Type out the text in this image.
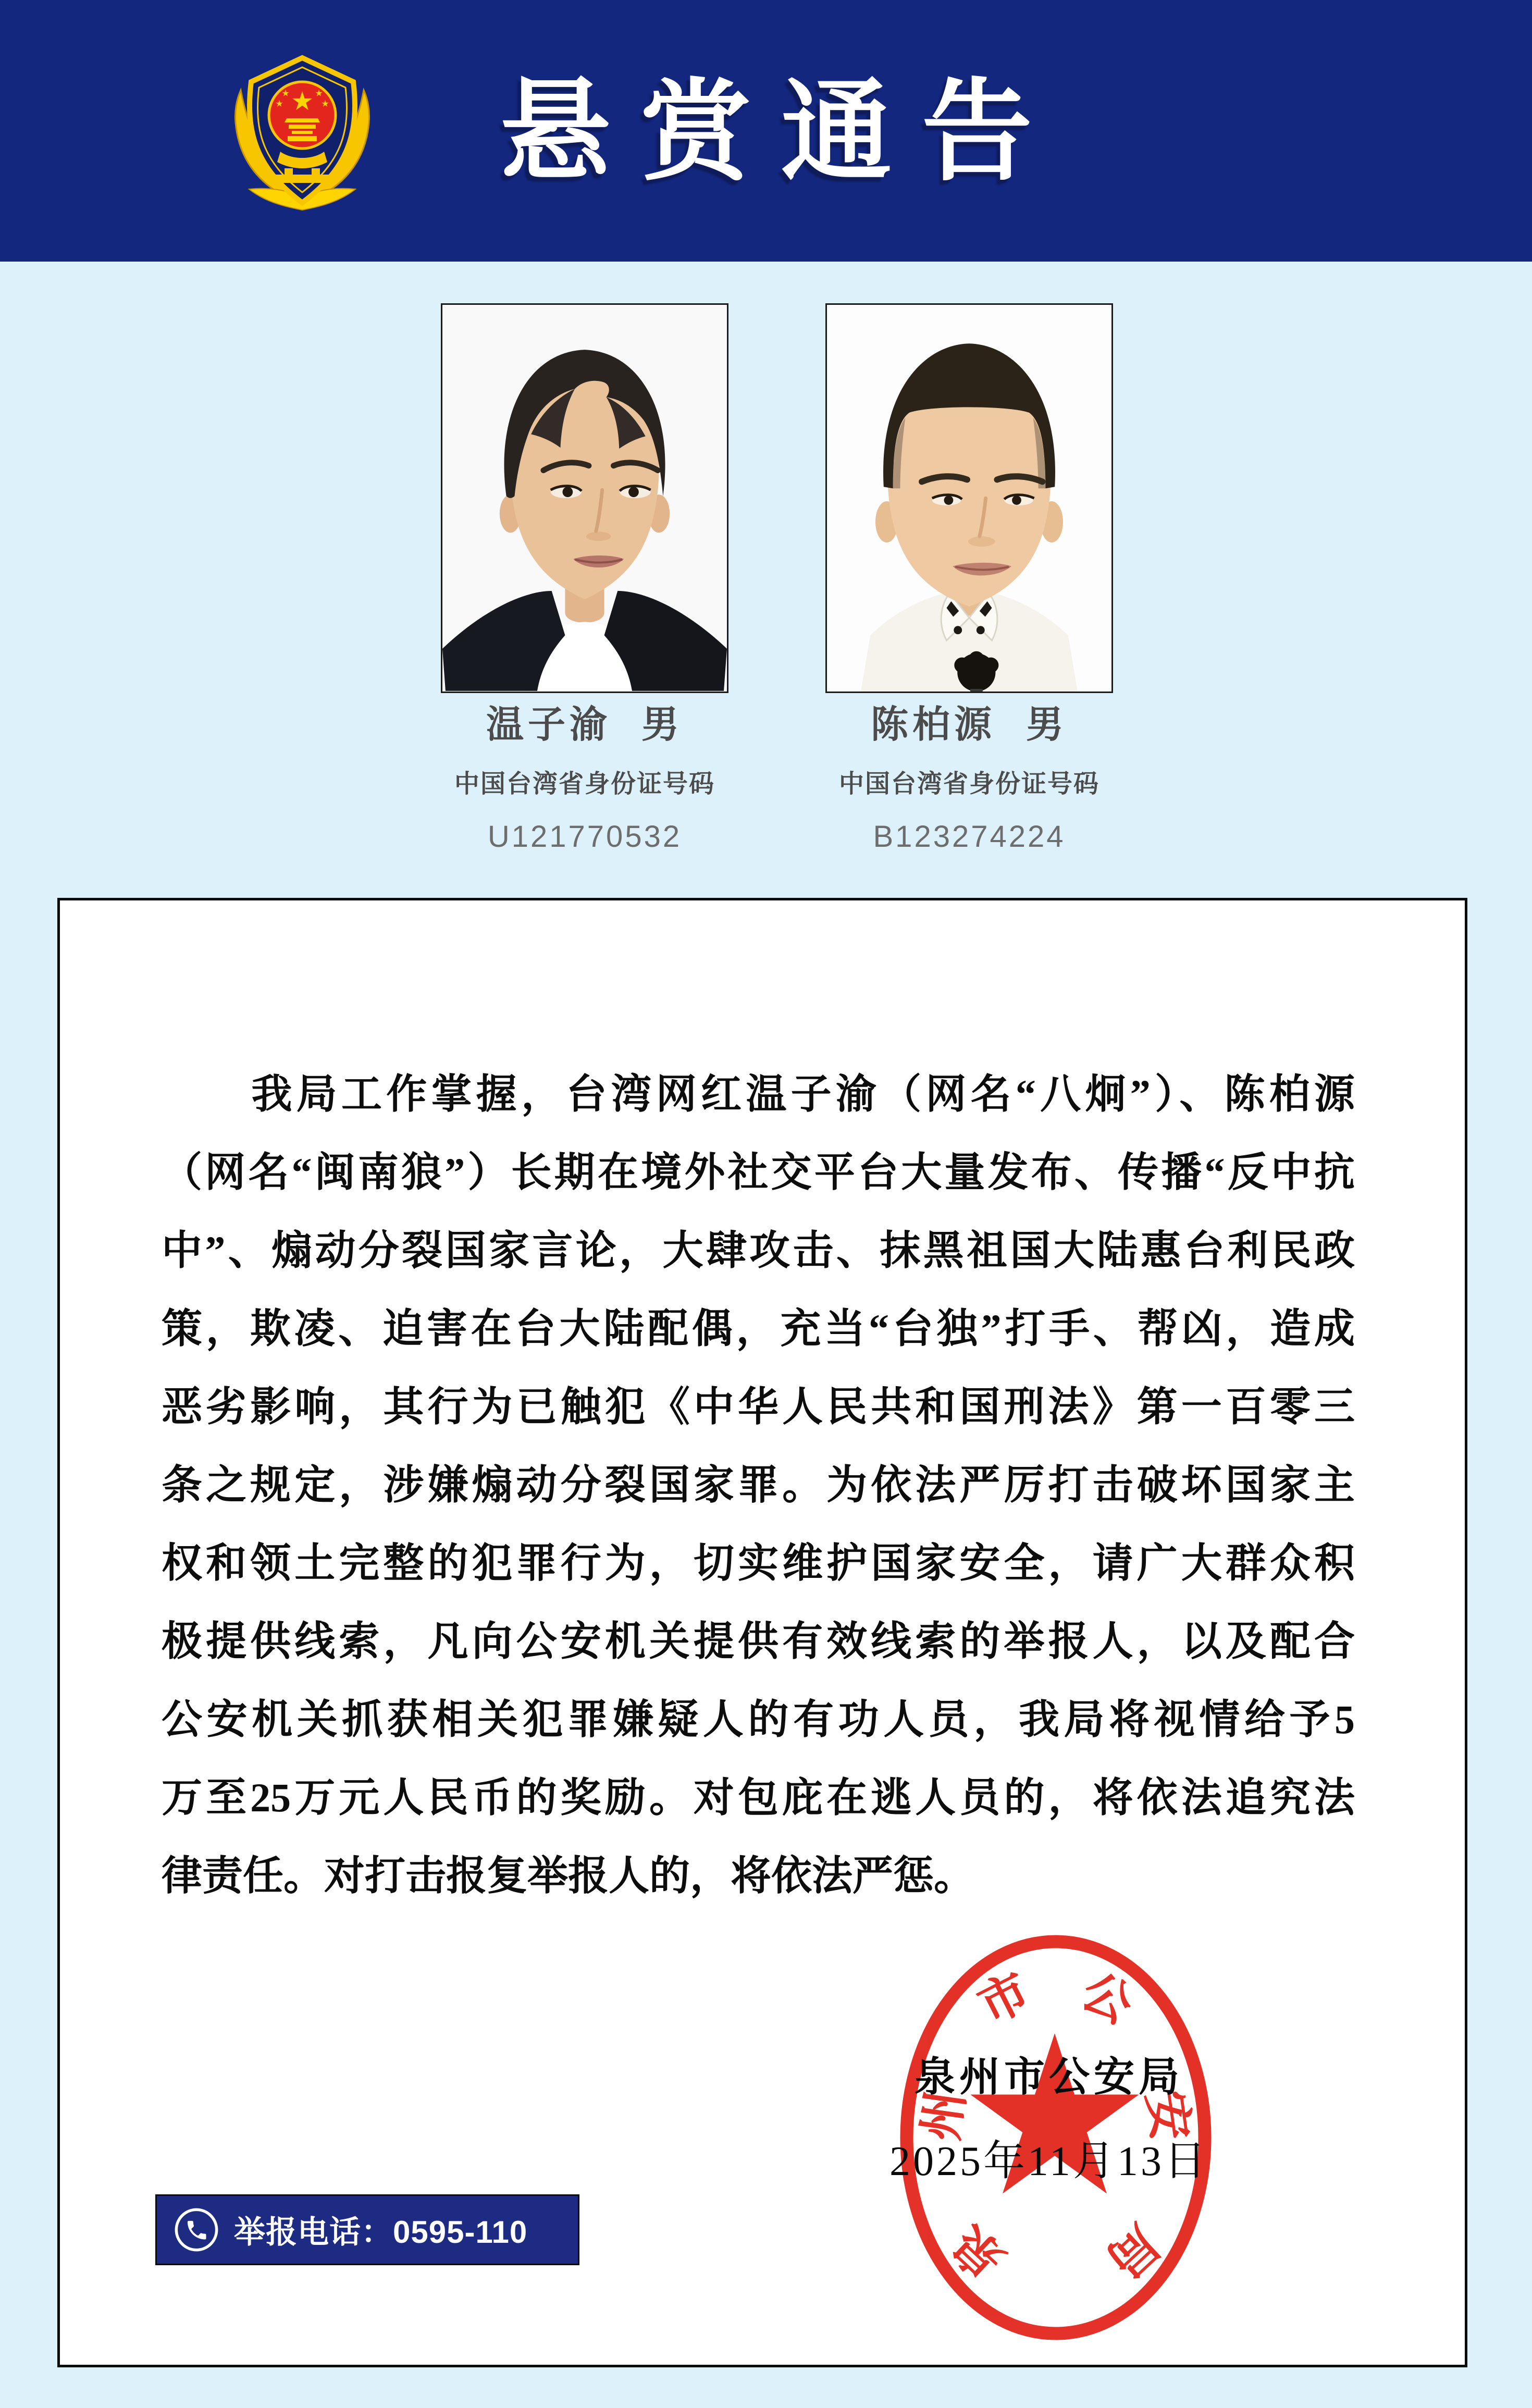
悬赏通告
温子渝 男	陈柏源 男
中国台湾省身份证号码	中国台湾省身份证号码
U121770532	B123274224
　　我局工作掌握，台湾网红温子渝（网名“八炯”）、陈柏源
（网名“闽南狼”）长期在境外社交平台大量发布、传播“反中抗
中”、煽动分裂国家言论，大肆攻击、抹黑祖国大陆惠台利民政
策，欺凌、迫害在台大陆配偶，充当“台独”打手、帮凶，造成
恶劣影响，其行为已触犯《中华人民共和国刑法》第一百零三
条之规定，涉嫌煽动分裂国家罪。为依法严厉打击破坏国家主
权和领土完整的犯罪行为，切实维护国家安全，请广大群众积
极提供线索，凡向公安机关提供有效线索的举报人，以及配合
公安机关抓获相关犯罪嫌疑人的有功人员，我局将视情给予5
万至25万元人民币的奖励。对包庇在逃人员的，将依法追究法
律责任。对打击报复举报人的，将依法严惩。
泉
州
市 公
安
局
泉州市公安局
2025年11月13日
举报电话：0595-110
